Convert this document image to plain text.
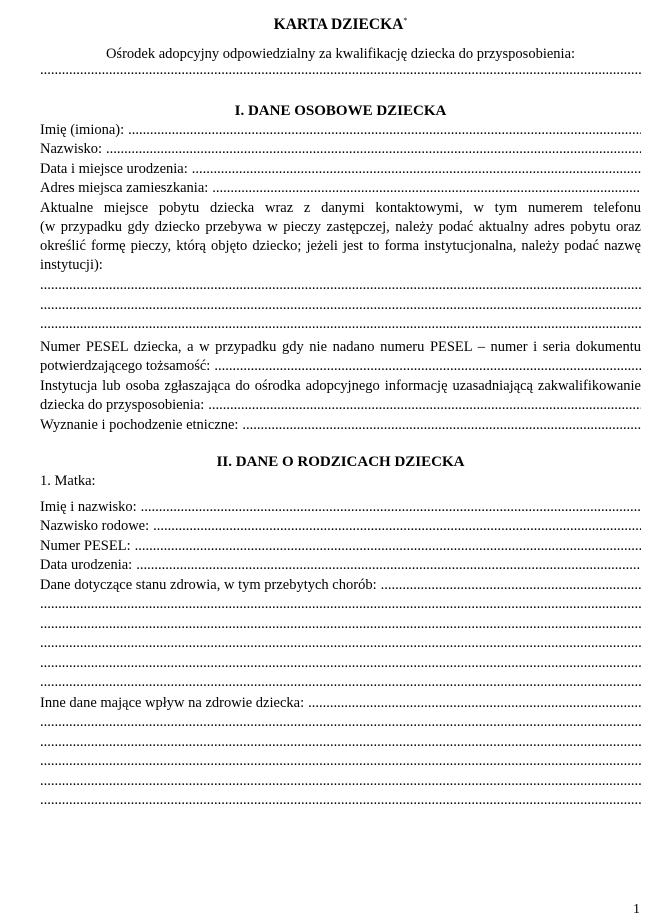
KARTA DZIECKA*
Ośrodek adopcyjny odpowiedzialny za kwalifikację dziecka do przysposobienia:
.....
I. DANE OSOBOWE DZIECKA
Imię (imiona):
.....
Nazwisko:
.....
Data i miejsce urodzenia:
.....
Adres miejsca zamieszkania:
.....
Aktualne miejsce pobytu dziecka wraz z danymi kontaktowymi, w tym numerem telefonu
(w przypadku gdy dziecko przebywa w pieczy zastępczej, należy podać aktualny adres pobytu oraz
określić formę pieczy, którą objęto dziecko; jeżeli jest to forma instytucjonalna, należy podać nazwę
instytucji):
.....
.....
.....
Numer PESEL dziecka, a w przypadku gdy nie nadano numeru PESEL – numer i seria dokumentu
potwierdzającego tożsamość:
.....
Instytucja lub osoba zgłaszająca do ośrodka adopcyjnego informację uzasadniającą zakwalifikowanie
dziecka do przysposobienia:
.....
Wyznanie i pochodzenie etniczne:
.....
II. DANE O RODZICACH DZIECKA
1. Matka:
Imię i nazwisko:
.....
Nazwisko rodowe:
.....
Numer PESEL:
.....
Data urodzenia:
.....
Dane dotyczące stanu zdrowia, w tym przebytych chorób:
.....
.....
.....
.....
.....
.....
Inne dane mające wpływ na zdrowie dziecka:
.....
.....
.....
.....
.....
.....
1
